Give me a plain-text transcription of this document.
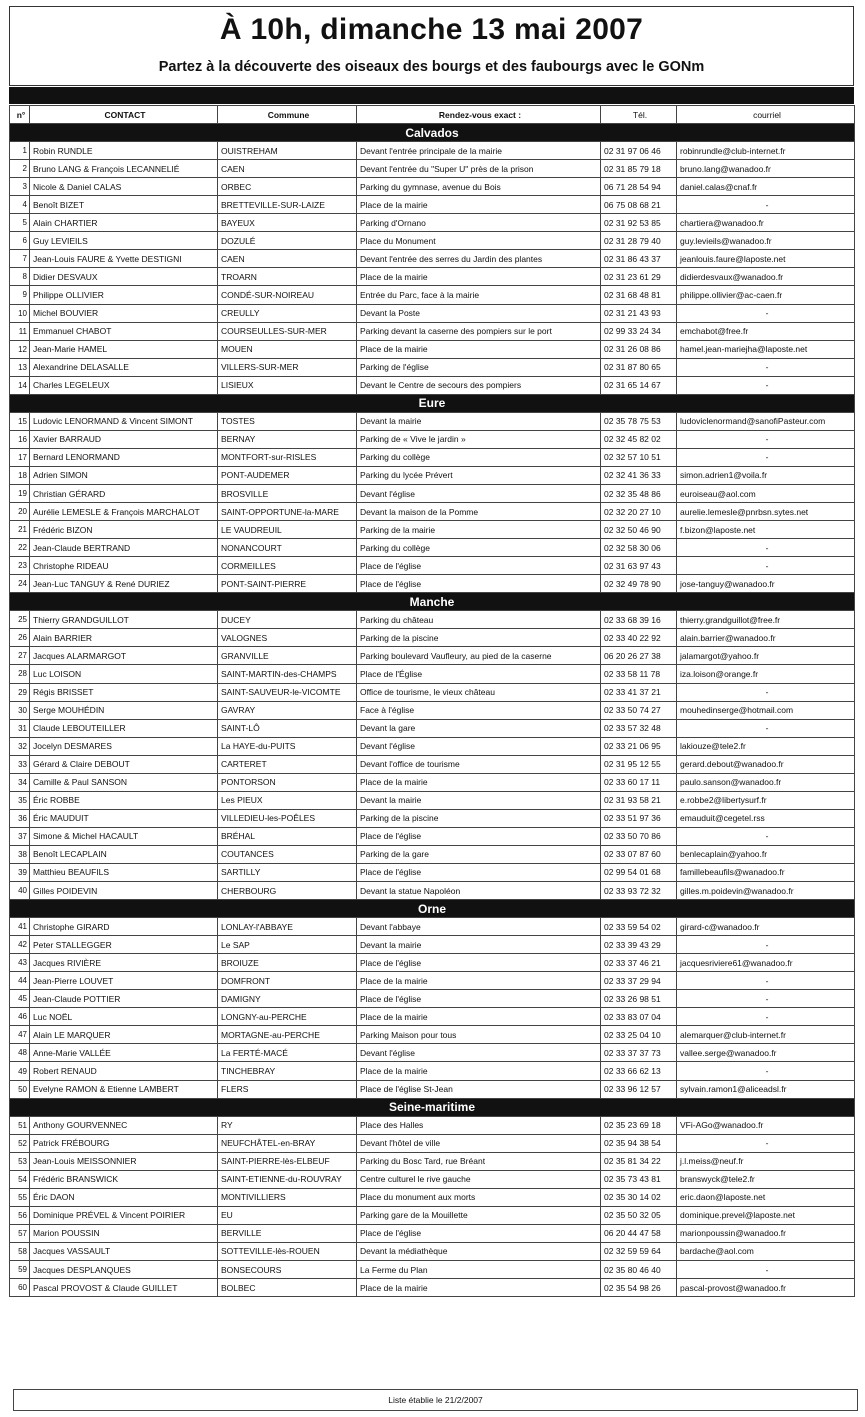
À 10h, dimanche 13 mai 2007
Partez à la découverte des oiseaux des bourgs et des faubourgs avec le GONm
n°	CONTACT	Commune	Rendez-vous exact :	Tél.	courriel
Calvados					
1	Robin RUNDLE	OUISTREHAM	Devant l'entrée principale de la mairie	02 31 97 06 46	robinrundle@club-internet.fr
2	Bruno LANG & François LECANNELIÉ	CAEN	Devant l'entrée du "Super U" près de la prison	02 31 85 79 18	bruno.lang@wanadoo.fr
3	Nicole & Daniel CALAS	ORBEC	Parking du gymnase, avenue du Bois	06 71 28 54 94	daniel.calas@cnaf.fr
4	Benoît BIZET	BRETTEVILLE-SUR-LAIZE	Place de la mairie	06 75 08 68 21	-
5	Alain CHARTIER	BAYEUX	Parking d'Ornano	02 31 92 53 85	chartiera@wanadoo.fr
6	Guy LEVIEILS	DOZULÉ	Place du Monument	02 31 28 79 40	guy.levieils@wanadoo.fr
7	Jean-Louis FAURE & Yvette DESTIGNI	CAEN	Devant l'entrée des serres du Jardin des plantes	02 31 86 43 37	jeanlouis.faure@laposte.net
8	Didier DESVAUX	TROARN	Place de la mairie	02 31 23 61 29	didierdesvaux@wanadoo.fr
9	Philippe OLLIVIER	CONDÉ-SUR-NOIREAU	Entrée du Parc, face à la mairie	02 31 68 48 81	philippe.ollivier@ac-caen.fr
10	Michel BOUVIER	CREULLY	Devant la Poste	02 31 21 43 93	-
11	Emmanuel CHABOT	COURSEULLES-SUR-MER	Parking devant la caserne des pompiers sur le port	02 99 33 24 34	emchabot@free.fr
12	Jean-Marie HAMEL	MOUEN	Place de la mairie	02 31 26 08 86	hamel.jean-mariejha@laposte.net
13	Alexandrine DELASALLE	VILLERS-SUR-MER	Parking de l'église	02 31 87 80 65	-
14	Charles LEGELEUX	LISIEUX	Devant le Centre de secours des pompiers	02 31 65 14 67	-
Eure					
15	Ludovic LENORMAND & Vincent SIMONT	TOSTES	Devant la mairie	02 35 78 75 53	ludoviclenormand@sanofiPasteur.com
16	Xavier BARRAUD	BERNAY	Parking de « Vive le jardin »	02 32 45 82 02	-
17	Bernard LENORMAND	MONTFORT-sur-RISLES	Parking du collège	02 32 57 10 51	-
18	Adrien SIMON	PONT-AUDEMER	Parking du lycée Prévert	02 32 41 36 33	simon.adrien1@voila.fr
19	Christian GÉRARD	BROSVILLE	Devant l'église	02 32 35 48 86	euroiseau@aol.com
20	Aurélie LEMESLE & François MARCHALOT	SAINT-OPPORTUNE-la-MARE	Devant la maison de la Pomme	02 32 20 27 10	aurelie.lemesle@pnrbsn.sytes.net
21	Frédéric BIZON	LE VAUDREUIL	Parking de la mairie	02 32 50 46 90	f.bizon@laposte.net
22	Jean-Claude BERTRAND	NONANCOURT	Parking du collège	02 32 58 30 06	-
23	Christophe RIDEAU	CORMEILLES	Place de l'église	02 31 63 97 43	-
24	Jean-Luc TANGUY & René DURIEZ	PONT-SAINT-PIERRE	Place de l'église	02 32 49 78 90	jose-tanguy@wanadoo.fr
Manche					
25	Thierry GRANDGUILLOT	DUCEY	Parking du château	02 33 68 39 16	thierry.grandguillot@free.fr
26	Alain BARRIER	VALOGNES	Parking de la piscine	02 33 40 22 92	alain.barrier@wanadoo.fr
27	Jacques ALARMARGOT	GRANVILLE	Parking boulevard Vaufleury, au pied de la caserne	06 20 26 27 38	jalamargot@yahoo.fr
28	Luc LOISON	SAINT-MARTIN-des-CHAMPS	Place de l'Église	02 33 58 11 78	iza.loison@orange.fr
29	Régis BRISSET	SAINT-SAUVEUR-le-VICOMTE	Office de tourisme, le vieux château	02 33 41 37 21	-
30	Serge MOUHÉDIN	GAVRAY	Face à l'église	02 33 50 74 27	mouhedinserge@hotmail.com
31	Claude LEBOUTEILLER	SAINT-LÔ	Devant la gare	02 33 57 32 48	-
32	Jocelyn DESMARES	La HAYE-du-PUITS	Devant l'église	02 33 21 06 95	lakiouze@tele2.fr
33	Gérard & Claire DEBOUT	CARTERET	Devant l'office de tourisme	02 31 95 12 55	gerard.debout@wanadoo.fr
34	Camille & Paul SANSON	PONTORSON	Place de la mairie	02 33 60 17 11	paulo.sanson@wanadoo.fr
35	Éric ROBBE	Les PIEUX	Devant la mairie	02 31 93 58 21	e.robbe2@libertysurf.fr
36	Éric MAUDUIT	VILLEDIEU-les-POÊLES	Parking de la piscine	02 33 51 97 36	emauduit@cegetel.rss
37	Simone & Michel HACAULT	BRÉHAL	Place de l'église	02 33 50 70 86	-
38	Benoît LECAPLAIN	COUTANCES	Parking de la gare	02 33 07 87 60	benlecaplain@yahoo.fr
39	Matthieu BEAUFILS	SARTILLY	Place de l'église	02 99 54 01 68	famillebeaufils@wanadoo.fr
40	Gilles POIDEVIN	CHERBOURG	Devant la statue Napoléon	02 33 93 72 32	gilles.m.poidevin@wanadoo.fr
Orne					
41	Christophe GIRARD	LONLAY-l'ABBAYE	Devant l'abbaye	02 33 59 54 02	girard-c@wanadoo.fr
42	Peter STALLEGGER	Le SAP	Devant la mairie	02 33 39 43 29	-
43	Jacques RIVIÈRE	BROIUZE	Place de l'église	02 33 37 46 21	jacquesriviere61@wanadoo.fr
44	Jean-Pierre LOUVET	DOMFRONT	Place de la mairie	02 33 37 29 94	-
45	Jean-Claude POTTIER	DAMIGNY	Place de l'église	02 33 26 98 51	-
46	Luc NOËL	LONGNY-au-PERCHE	Place de la mairie	02 33 83 07 04	-
47	Alain LE MARQUER	MORTAGNE-au-PERCHE	Parking Maison pour tous	02 33 25 04 10	alemarquer@club-internet.fr
48	Anne-Marie VALLÉE	La FERTÉ-MACÉ	Devant l'église	02 33 37 37 73	vallee.serge@wanadoo.fr
49	Robert RENAUD	TINCHEBRAY	Place de la mairie	02 33 66 62 13	-
50	Evelyne RAMON & Etienne LAMBERT	FLERS	Place de l'église St-Jean	02 33 96 12 57	sylvain.ramon1@aliceadsl.fr
Seine-maritime					
51	Anthony GOURVENNEC	RY	Place des Halles	02 35 23 69 18	VFi-AGo@wanadoo.fr
52	Patrick FRÉBOURG	NEUFCHÂTEL-en-BRAY	Devant l'hôtel de ville	02 35 94 38 54	-
53	Jean-Louis MEISSONNIER	SAINT-PIERRE-lès-ELBEUF	Parking du Bosc Tard, rue Bréant	02 35 81 34 22	j.l.meiss@neuf.fr
54	Frédéric BRANSWICK	SAINT-ETIENNE-du-ROUVRAY	Centre culturel le rive gauche	02 35 73 43 81	branswyck@tele2.fr
55	Éric DAON	MONTIVILLIERS	Place du monument aux morts	02 35 30 14 02	eric.daon@laposte.net
56	Dominique PRÉVEL & Vincent POIRIER	EU	Parking gare de la Mouillette	02 35 50 32 05	dominique.prevel@laposte.net
57	Marion POUSSIN	BERVILLE	Place de l'église	06 20 44 47 58	marionpoussin@wanadoo.fr
58	Jacques VASSAULT	SOTTEVILLE-lès-ROUEN	Devant la médiathèque	02 32 59 59 64	bardache@aol.com
59	Jacques DESPLANQUES	BONSECOURS	La Ferme du Plan	02 35 80 46 40	-
60	Pascal PROVOST & Claude GUILLET	BOLBEC	Place de la mairie	02 35 54 98 26	pascal-provost@wanadoo.fr
Liste établie le 21/2/2007
